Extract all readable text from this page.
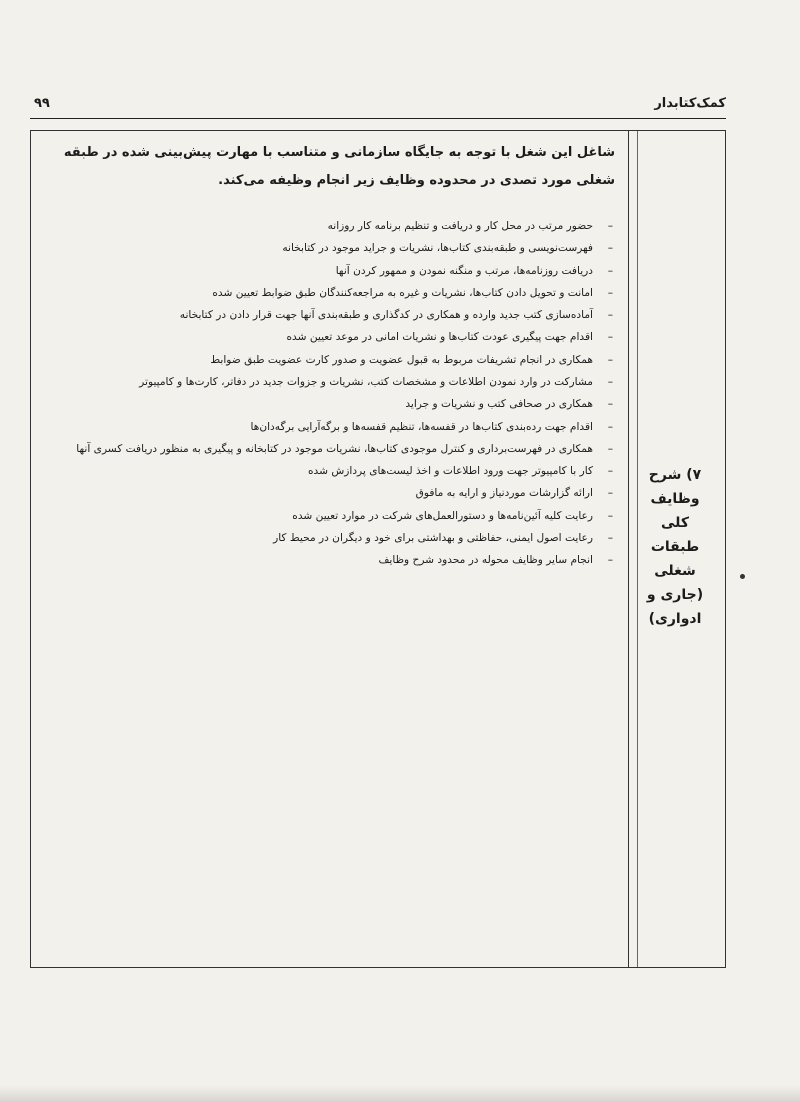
کمک‌کتابدار
۹۹
۷) شرح وظایف کلی طبقات شغلی (جاری و ادواری)
شاغل این شغل با توجه به جایگاه سازمانی و متناسب با مهارت پیش‌بینی شده در طبقه شغلی مورد تصدی در محدوده وظایف زیر انجام وظیفه می‌کند.
–
حضور مرتب در محل کار و دریافت و تنظیم برنامه کار روزانه
–
فهرست‌نویسی و طبقه‌بندی کتاب‌ها، نشریات و جراید موجود در کتابخانه
–
دریافت روزنامه‌ها، مرتب و منگنه نمودن و ممهور کردن آنها
–
امانت و تحویل دادن کتاب‌ها، نشریات و غیره به مراجعه‌کنندگان طبق ضوابط تعیین شده
–
آماده‌سازی کتب جدید وارده و همکاری در کدگذاری و طبقه‌بندی آنها جهت قرار دادن در کتابخانه
–
اقدام جهت پیگیری عودت کتاب‌ها و نشریات امانی در موعد تعیین شده
–
همکاری در انجام تشریفات مربوط به قبول عضویت و صدور کارت عضویت طبق ضوابط
–
مشارکت در وارد نمودن اطلاعات و مشخصات کتب، نشریات و جزوات جدید در دفاتر، کارت‌ها و کامپیوتر
–
همکاری در صحافی کتب و نشریات و جراید
–
اقدام جهت رده‌بندی کتاب‌ها در قفسه‌ها، تنظیم قفسه‌ها و برگه‌آرایی برگه‌دان‌ها
–
همکاری در فهرست‌برداری و کنترل موجودی کتاب‌ها، نشریات موجود در کتابخانه و پیگیری به منظور دریافت کسری آنها
–
کار با کامپیوتر جهت ورود اطلاعات و اخذ لیست‌های پردازش شده
–
ارائه گزارشات موردنیاز و ارایه به مافوق
–
رعایت کلیه آئین‌نامه‌ها و دستورالعمل‌های شرکت در موارد تعیین شده
–
رعایت اصول ایمنی، حفاظتی و بهداشتی برای خود و دیگران در محیط کار
–
انجام سایر وظایف محوله در محدود شرح وظایف
